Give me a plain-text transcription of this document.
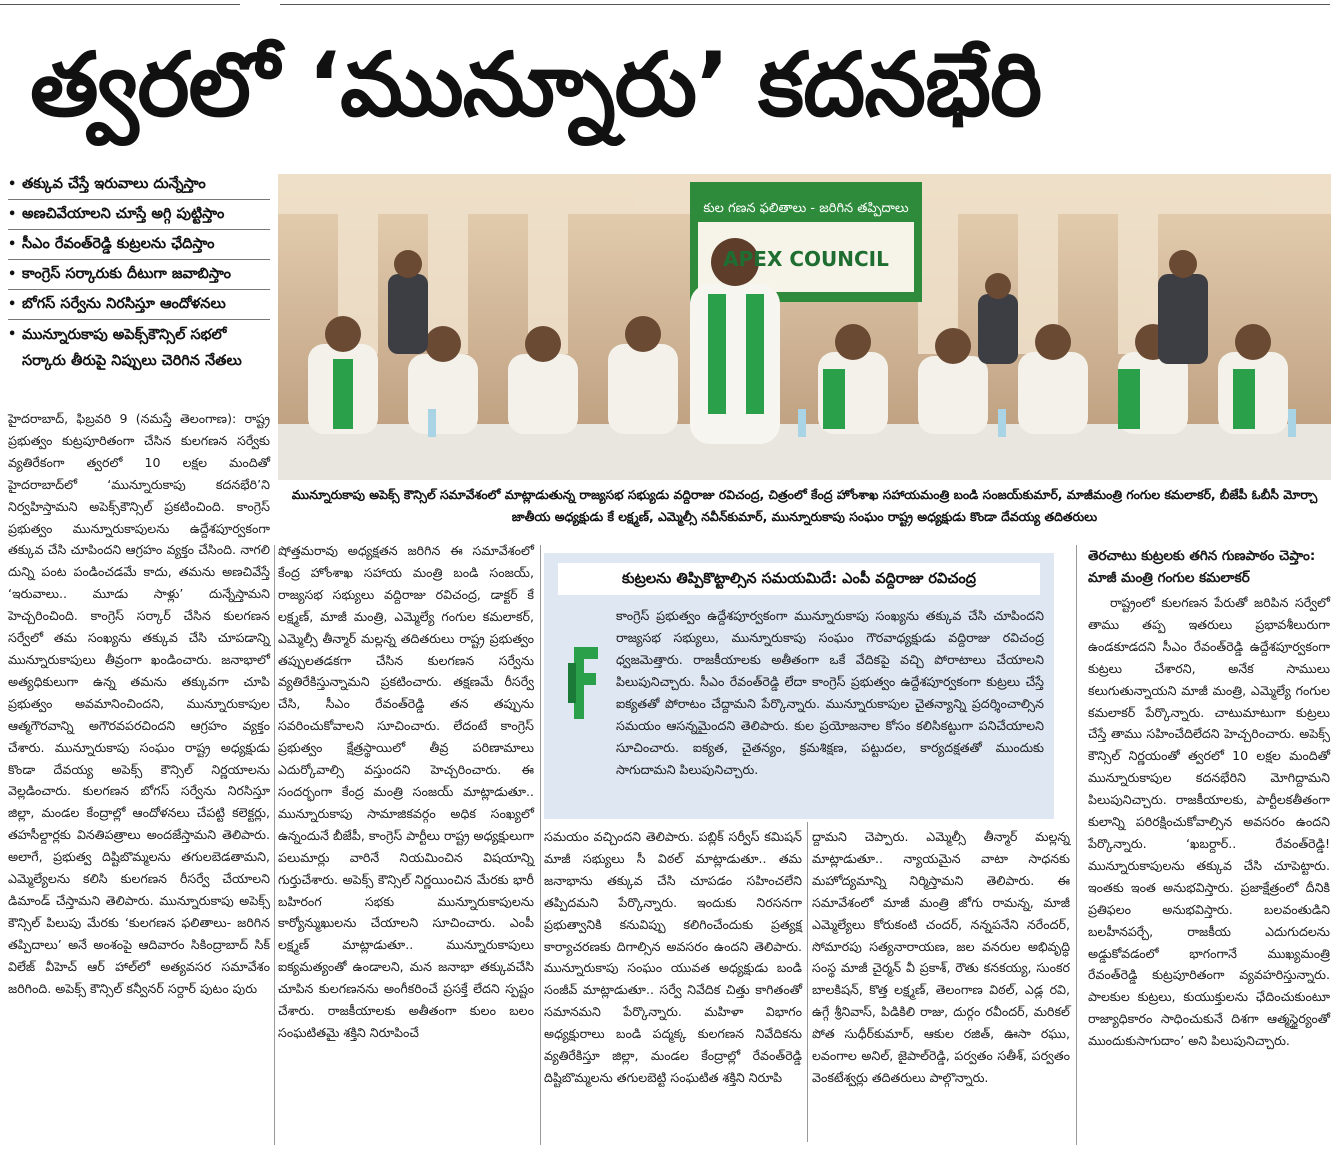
త్వరలో ‘మున్నూరు’ కదనభేరి
• తక్కువ చేస్తే ఇరువాలు దున్నేస్తాం
• అణచివేయాలని చూస్తే అగ్గి పుట్టిస్తాం
• సీఎం రేవంత్‌రెడ్డి కుట్రలను ఛేదిస్తాం
• కాంగ్రెస్ సర్కారుకు దీటుగా జవాబిస్తాం
• బోగస్ సర్వేను నిరసిస్తూ ఆందోళనలు
• మున్నూరుకాపు అపెక్స్‌కౌన్సిల్ సభలో సర్కారు తీరుపై నిప్పులు చెరిగిన నేతలు
కుల గణన ఫలితాలు - జరిగిన తప్పిదాలు
APEX COUNCIL
మున్నూరుకాపు అపెక్స్ కౌన్సిల్ సమావేశంలో మాట్లాడుతున్న రాజ్యసభ సభ్యుడు వద్దిరాజు రవిచంద్ర, చిత్రంలో కేంద్ర హోంశాఖ సహాయమంత్రి బండి సంజయ్‌కుమార్, మాజీమంత్రి గంగుల కమలాకర్, బీజేపీ ఓబీసీ మోర్చా జాతీయ అధ్యక్షుడు కే లక్ష్మణ్, ఎమ్మెల్సీ నవీన్‌కుమార్, మున్నూరుకాపు సంఘం రాష్ట్ర అధ్యక్షుడు కొండా దేవయ్య తదితరులు

హైదరాబాద్, ఫిబ్రవరి 9 (నమస్తే తెలంగాణ): రాష్ట్ర ప్రభుత్వం కుట్రపూరితంగా చేసిన కులగణన సర్వేకు వ్యతిరేకంగా త్వరలో 10 లక్షల మందితో హైదరాబాద్‌లో ‘మున్నూరుకాపు కదనభేరి’ని నిర్వహిస్తామని అపెక్స్‌కౌన్సిల్ ప్రకటించింది. కాంగ్రెస్ ప్రభుత్వం మున్నూరుకాపులను ఉద్దేశపూర్వకంగా తక్కువ చేసి చూపిందని ఆగ్రహం వ్యక్తం చేసింది. నాగలి దున్ని పంట పండించడమే కాదు, తమను అణచివేస్తే ‘ఇరువాలు.. మూడు సాళ్లు’ దున్నేస్తామని హెచ్చరించింది. కాంగ్రెస్ సర్కార్ చేసిన కులగణన సర్వేలో తమ సంఖ్యను తక్కువ చేసి చూపడాన్ని మున్నూరుకాపులు తీవ్రంగా ఖండించారు. జనాభాలో అత్యధికులుగా ఉన్న తమను తక్కువగా చూపి ప్రభుత్వం అవమానించిందని, మున్నూరుకాపుల ఆత్మగౌరవాన్ని అగౌరవపరచిందని ఆగ్రహం వ్యక్తం చేశారు. మున్నూరుకాపు సంఘం రాష్ట్ర అధ్యక్షుడు కొండా దేవయ్య అపెక్స్ కౌన్సిల్ నిర్ణయాలను వెల్లడించారు. కులగణన బోగస్ సర్వేను నిరసిస్తూ జిల్లా, మండల కేంద్రాల్లో ఆందోళనలు చేపట్టి కలెక్టర్లు, తహసీల్దార్లకు వినతిపత్రాలు అందజేస్తామని తెలిపారు. అలాగే, ప్రభుత్వ దిష్టిబొమ్మలను తగులబెడతామని, ఎమ్మెల్యేలను కలిసి కులగణన రీసర్వే చేయాలని డిమాండ్ చేస్తామని తెలిపారు. మున్నూరుకాపు అపెక్స్ కౌన్సిల్ పిలుపు మేరకు ‘కులగణన ఫలితాలు- జరిగిన తప్పిదాలు’ అనే అంశంపై ఆదివారం సికింద్రాబాద్ సిక్ విలేజ్ వీహెచ్ ఆర్ హాల్‌లో అత్యవసర సమావేశం జరిగింది. అపెక్స్ కౌన్సిల్ కన్వీనర్ సర్దార్ పుటం పురు

షోత్తమరావు అధ్యక్షతన జరిగిన ఈ సమావేశంలో కేంద్ర హోంశాఖ సహాయ మంత్రి బండి సంజయ్, రాజ్యసభ సభ్యులు వద్దిరాజు రవిచంద్ర, డాక్టర్ కే లక్ష్మణ్, మాజీ మంత్రి, ఎమ్మెల్యే గంగుల కమలాకర్, ఎమ్మెల్సీ తీన్మార్ మల్లన్న తదితరులు రాష్ట్ర ప్రభుత్వం తప్పులతడకగా చేసిన కులగణన సర్వేను వ్యతిరేకిస్తున్నామని ప్రకటించారు. తక్షణమే రీసర్వే చేసి, సీఎం రేవంత్‌రెడ్డి తన తప్పును సవరించుకోవాలని సూచించారు. లేదంటే కాంగ్రెస్ ప్రభుత్వం క్షేత్రస్థాయిలో తీవ్ర పరిణామాలు ఎదుర్కోవాల్సి వస్తుందని హెచ్చరించారు. ఈ సందర్భంగా కేంద్ర మంత్రి సంజయ్ మాట్లాడుతూ.. మున్నూరుకాపు సామాజికవర్గం అధిక సంఖ్యలో ఉన్నందునే బీజేపీ, కాంగ్రెస్ పార్టీలు రాష్ట్ర అధ్యక్షులుగా పలుమార్లు వారినే నియమించిన విషయాన్ని గుర్తుచేశారు. అపెక్స్ కౌన్సిల్ నిర్ణయించిన మేరకు భారీ బహిరంగ సభకు మున్నూరుకాపులను కార్యోన్ముఖులను చేయాలని సూచించారు. ఎంపీ లక్ష్మణ్ మాట్లాడుతూ.. మున్నూరుకాపులు ఐక్యమత్యంతో ఉండాలని, మన జనాభా తక్కువచేసి చూపిన కులగణనను అంగీకరించే ప్రసక్తే లేదని స్పష్టం చేశారు. రాజకీయాలకు అతీతంగా కులం బలం సంఘటితమై శక్తిని నిరూపించే

కుట్రలను తిప్పికొట్టాల్సిన సమయమిదే: ఎంపీ వద్దిరాజు రవిచంద్ర
కాంగ్రెస్ ప్రభుత్వం ఉద్దేశపూర్వకంగా మున్నూరుకాపు సంఖ్యను తక్కువ చేసి చూపిందని రాజ్యసభ సభ్యులు, మున్నూరుకాపు సంఘం గౌరవాధ్యక్షుడు వద్దిరాజు రవిచంద్ర ధ్వజమెత్తారు. రాజకీయాలకు అతీతంగా ఒకే వేదికపై వచ్చి పోరాటాలు చేయాలని పిలుపునిచ్చారు. సీఎం రేవంత్‌రెడ్డి లేదా కాంగ్రెస్ ప్రభుత్వం ఉద్దేశపూర్వకంగా కుట్రలు చేస్తే ఐక్యతతో పోరాటం చేద్దామని పేర్కొన్నారు. మున్నూరుకాపుల చైతన్యాన్ని ప్రదర్శించాల్సిన సమయం ఆసన్నమైందని తెలిపారు. కుల ప్రయోజనాల కోసం కలిసికట్టుగా పనిచేయాలని సూచించారు. ఐక్యత, చైతన్యం, క్రమశిక్షణ, పట్టుదల, కార్యదక్షతతో ముందుకు సాగుదామని పిలుపునిచ్చారు.

సమయం వచ్చిందని తెలిపారు. పబ్లిక్ సర్వీస్ కమిషన్ మాజీ సభ్యులు సీ విఠల్ మాట్లాడుతూ.. తమ జనాభాను తక్కువ చేసి చూపడం సహించలేని తప్పిదమని పేర్కొన్నారు. ఇందుకు నిరసనగా ప్రభుత్వానికి కనువిప్పు కలిగించేందుకు ప్రత్యక్ష కార్యాచరణకు దిగాల్సిన అవసరం ఉందని తెలిపారు. మున్నూరుకాపు సంఘం యువత అధ్యక్షుడు బండి సంజీవ్ మాట్లాడుతూ.. సర్వే నివేదిక చిత్తు కాగితంతో సమానమని పేర్కొన్నారు. మహిళా విభాగం అధ్యక్షురాలు బండి పద్మక్క కులగణన నివేదికను వ్యతిరేకిస్తూ జిల్లా, మండల కేంద్రాల్లో రేవంత్‌రెడ్డి దిష్టిబొమ్మలను తగులబెట్టి సంఘటిత శక్తిని నిరూపి

ద్దామని చెప్పారు. ఎమ్మెల్సీ తీన్మార్ మల్లన్న మాట్లాడుతూ.. న్యాయమైన వాటా సాధనకు మహోద్యమాన్ని నిర్మిస్తామని తెలిపారు. ఈ సమావేశంలో మాజీ మంత్రి జోగు రామన్న, మాజీ ఎమ్మెల్యేలు కోరుకంటి చందర్, నన్నపనేని నరేందర్, సోమారపు సత్యనారాయణ, జల వనరుల అభివృద్ధి సంస్థ మాజీ చైర్మన్ వీ ప్రకాశ్, రౌతు కనకయ్య, సుంకర బాలకిషన్, కొత్త లక్ష్మణ్, తెలంగాణ విఠల్, ఎడ్ల రవి, ఉగ్గే శ్రీనివాస్, పిడికిలి రాజు, దుర్గం రవీందర్, మరికల్ పోత సుధీర్‌కుమార్, ఆకుల రజిత్, ఊసా రఘు, లవంగాల అనిల్, జైపాల్‌రెడ్డి, పర్వతం సతీశ్, పర్వతం వెంకటేశ్వర్లు తదితరులు పాల్గొన్నారు.

తెరచాటు కుట్రలకు తగిన గుణపాఠం చెప్తాం: మాజీ మంత్రి గంగుల కమలాకర్

రాష్ట్రంలో కులగణన పేరుతో జరిపిన సర్వేలో తాము తప్ప ఇతరులు ప్రభావశీలురుగా ఉండకూడదని సీఎం రేవంత్‌రెడ్డి ఉద్దేశపూర్వకంగా కుట్రలు చేశారని, అనేక సాములు కలుగుతున్నాయని మాజీ మంత్రి, ఎమ్మెల్యే గంగుల కమలాకర్ పేర్కొన్నారు. చాటుమాటుగా కుట్రలు చేస్తే తాము సహించేదిలేదని హెచ్చరించారు. అపెక్స్ కౌన్సిల్ నిర్ణయంతో త్వరలో 10 లక్షల మందితో మున్నూరుకాపుల కదనభేరిని మోగిద్దామని పిలుపునిచ్చారు. రాజకీయాలకు, పార్టీలకతీతంగా కులాన్ని పరిరక్షించుకోవాల్సిన అవసరం ఉందని పేర్కొన్నారు. ‘ఖబర్దార్.. రేవంత్‌రెడ్డి! మున్నూరుకాపులను తక్కువ చేసి చూపెట్టారు. ఇంతకు ఇంత అనుభవిస్తారు. ప్రజాక్షేత్రంలో దీనికి ప్రతిఫలం అనుభవిస్తారు. బలవంతుడిని బలహీనపర్చే, రాజకీయ ఎదుగుదలను అడ్డుకోవడంలో భాగంగానే ముఖ్యమంత్రి రేవంత్‌రెడ్డి కుట్రపూరితంగా వ్యవహరిస్తున్నారు. పాలకుల కుట్రలు, కుయుక్తులను ఛేదించుకుంటూ రాజ్యాధికారం సాధించుకునే దిశగా ఆత్మస్థైర్యంతో ముందుకుసాగుదాం’ అని పిలుపునిచ్చారు.
